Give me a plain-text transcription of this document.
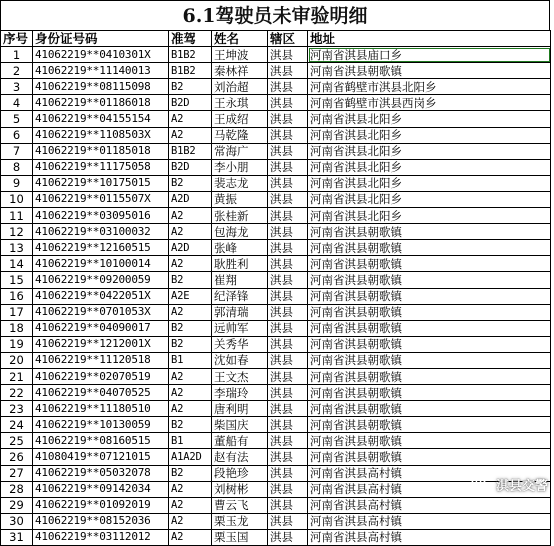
6.1驾驶员未审验明细
序号	身份证号码	准驾	姓名	辖区	地址
1	41062219**0410301X	B1B2	王坤波	淇县	河南省淇县庙口乡
2	41062219**11140013	B1B2	秦林祥	淇县	河南省淇县朝歌镇
3	41062219**08115098	B2	刘治超	淇县	河南省鹤壁市淇县北阳乡
4	41062219**01186018	B2D	王永琪	淇县	河南省鹤壁市淇县西岗乡
5	41062219**04155154	A2	王成绍	淇县	河南省淇县北阳乡
6	41062219**1108503X	A2	马乾隆	淇县	河南省淇县北阳乡
7	41062219**01185018	B1B2	常海广	淇县	河南省淇县北阳乡
8	41062219**11175058	B2D	李小朋	淇县	河南省淇县北阳乡
9	41062219**10175015	B2	裴志龙	淇县	河南省淇县北阳乡
10	41062219**0115507X	A2D	黄振	淇县	河南省淇县北阳乡
11	41062219**03095016	A2	张桂新	淇县	河南省淇县北阳乡
12	41062219**03100032	A2	包海龙	淇县	河南省淇县朝歌镇
13	41062219**12160515	A2D	张峰	淇县	河南省淇县朝歌镇
14	41062219**10100014	A2	耿胜利	淇县	河南省淇县朝歌镇
15	41062219**09200059	B2	崔翔	淇县	河南省淇县朝歌镇
16	41062219**0422051X	A2E	纪泽锋	淇县	河南省淇县朝歌镇
17	41062219**0701053X	A2	郭清瑞	淇县	河南省淇县朝歌镇
18	41062219**04090017	B2	远帅军	淇县	河南省淇县朝歌镇
19	41062219**1212001X	B2	关秀华	淇县	河南省淇县朝歌镇
20	41062219**11120518	B1	沈如春	淇县	河南省淇县朝歌镇
21	41062219**02070519	A2	王文杰	淇县	河南省淇县朝歌镇
22	41062219**04070525	A2	李瑞玲	淇县	河南省淇县朝歌镇
23	41062219**11180510	A2	唐利明	淇县	河南省淇县朝歌镇
24	41062219**10130059	B2	柴国庆	淇县	河南省淇县朝歌镇
25	41062219**08160515	B1	董船有	淇县	河南省淇县朝歌镇
26	41080419**07121015	A1A2D	赵有法	淇县	河南省淇县朝歌镇
27	41062219**05032078	B2	段艳珍	淇县	河南省淇县高村镇
28	41062219**09142034	A2	刘树彬	淇县	河南省淇县高村镇
29	41062219**01092019	A2	曹云飞	淇县	河南省淇县高村镇
30	41062219**08152036	A2	栗玉龙	淇县	河南省淇县高村镇
31	41062219**03112012	A2	栗玉国	淇县	河南省淇县高村镇
淇县交警
